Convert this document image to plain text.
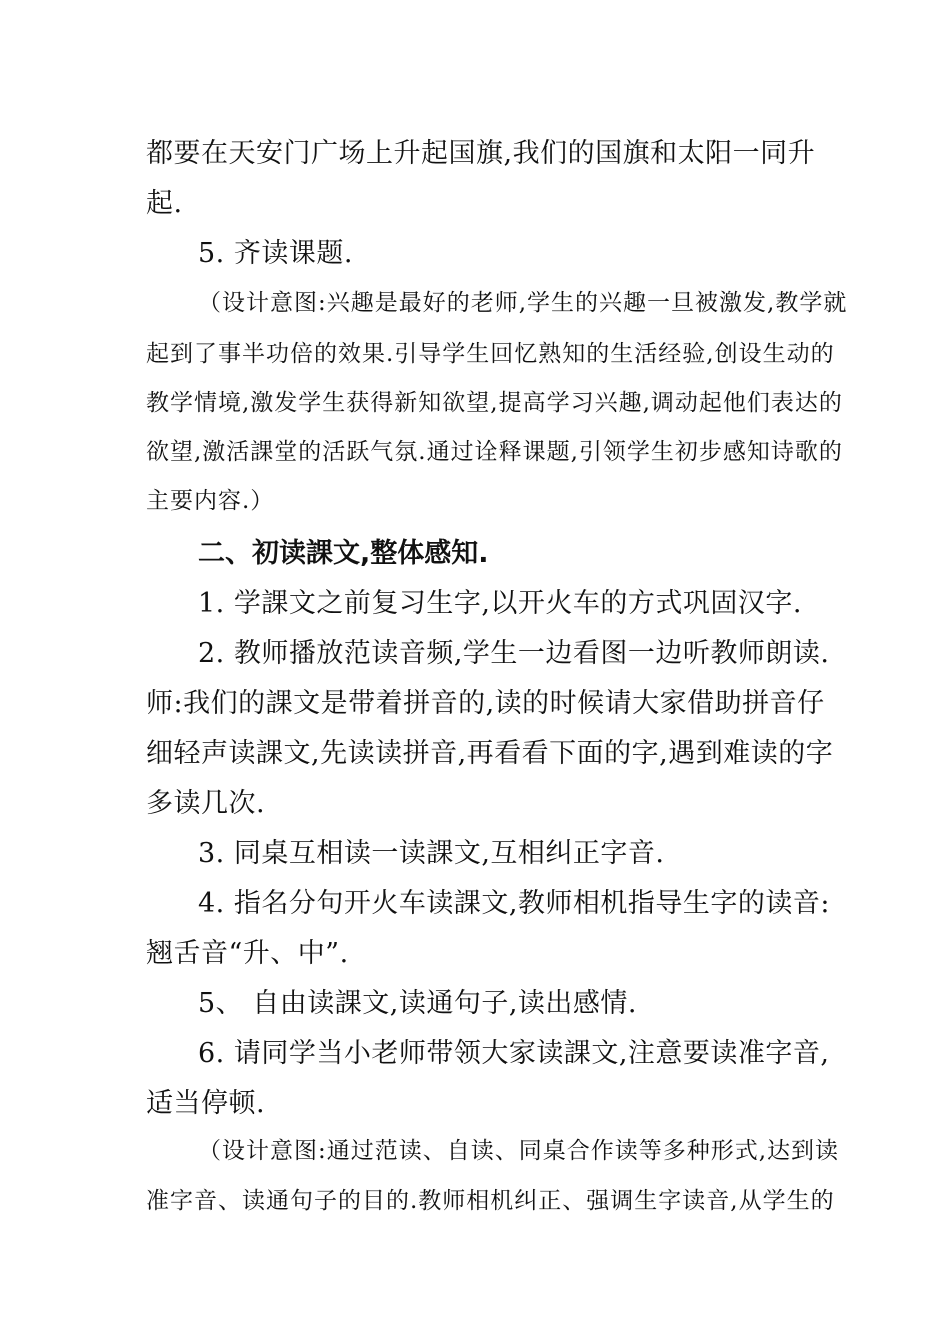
都要在天安门广场上升起国旗,我们的国旗和太阳一同升
起.
5. 齐读课题.
（设计意图:兴趣是最好的老师,学生的兴趣一旦被激发,教学就
起到了事半功倍的效果.引导学生回忆熟知的生活经验,创设生动的
教学情境,激发学生获得新知欲望,提高学习兴趣,调动起他们表达的
欲望,激活課堂的活跃气氛.通过诠释课题,引领学生初步感知诗歌的
主要内容.）
二、初读課文,整体感知.
1. 学課文之前复习生字,以开火车的方式巩固汉字.
2. 教师播放范读音频,学生一边看图一边听教师朗读.
师:我们的課文是带着拼音的,读的时候请大家借助拼音仔
细轻声读課文,先读读拼音,再看看下面的字,遇到难读的字
多读几次.
3. 同桌互相读一读課文,互相纠正字音.
4. 指名分句开火车读課文,教师相机指导生字的读音:
翘舌音“升、中”.
5、 自由读課文,读通句子,读出感情.
6. 请同学当小老师带领大家读課文,注意要读准字音,
适当停顿.
（设计意图:通过范读、自读、同桌合作读等多种形式,达到读
准字音、读通句子的目的.教师相机纠正、强调生字读音,从学生的
